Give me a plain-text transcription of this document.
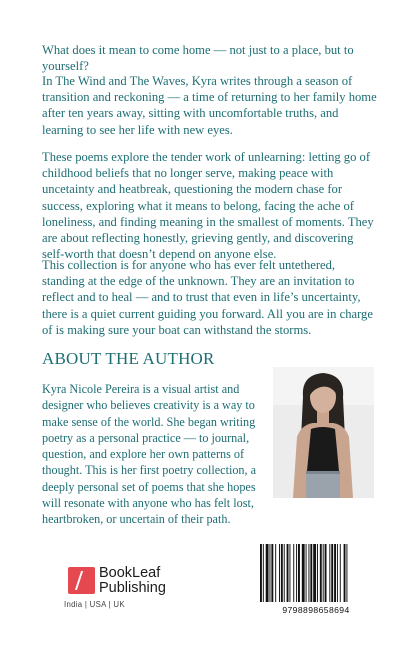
What does it mean to come home — not just to a place, but to yourself?

In The Wind and The Waves, Kyra writes through a season of transition and reckoning — a time of returning to her family home after ten years away, sitting with uncomfortable truths, and learning to see her life with new eyes.

These poems explore the tender work of unlearning: letting go of childhood beliefs that no longer serve, making peace with uncetainty and heatbreak, questioning the modern chase for success, exploring what it means to belong, facing the ache of loneliness, and finding meaning in the smallest of moments. They are about reflecting honestly, grieving gently, and discovering self-worth that doesn’t depend on anyone else.

This collection is for anyone who has ever felt untethered, standing at the edge of the unknown. They are an invitation to reflect and to heal — and to trust that even in life’s uncertainty, there is a quiet current guiding you forward. All you are in charge of is making sure your boat can withstand the storms.

ABOUT THE AUTHOR

Kyra Nicole Pereira is a visual artist and designer who believes creativity is a way to make sense of the world. She began writing poetry as a personal practice — to journal, question, and explore her own patterns of thought. This is her first poetry collection, a deeply personal set of poems that she hopes will resonate with anyone who has felt lost, heartbroken, or uncertain of their path.

BookLeaf
Publishing
India | USA | UK
9798898658694
